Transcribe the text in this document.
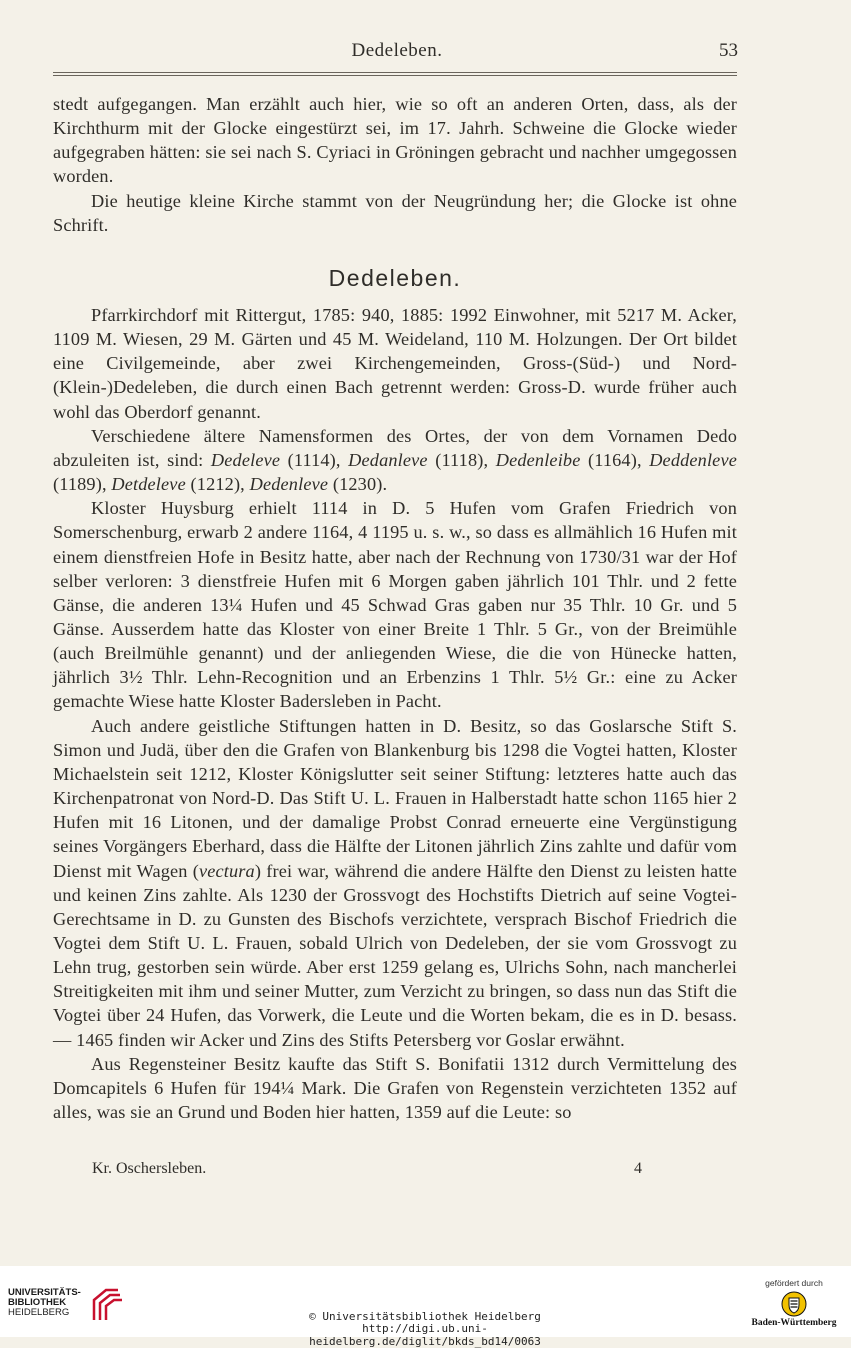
Dedeleben.	53

stedt aufgegangen. Man erzählt auch hier, wie so oft an anderen Orten, dass, als der Kirchthurm mit der Glocke eingestürzt sei, im 17. Jahrh. Schweine die Glocke wieder aufgegraben hätten: sie sei nach S. Cyriaci in Gröningen gebracht und nachher umgegossen worden.

Die heutige kleine Kirche stammt von der Neugründung her; die Glocke ist ohne Schrift.

Dedeleben.

Pfarrkirchdorf mit Rittergut, 1785: 940, 1885: 1992 Einwohner, mit 5217 M. Acker, 1109 M. Wiesen, 29 M. Gärten und 45 M. Weideland, 110 M. Holzungen. Der Ort bildet eine Civilgemeinde, aber zwei Kirchengemeinden, Gross-(Süd-) und Nord-(Klein-)Dedeleben, die durch einen Bach getrennt werden: Gross-D. wurde früher auch wohl das Oberdorf genannt.

Verschiedene ältere Namensformen des Ortes, der von dem Vornamen Dedo abzuleiten ist, sind: Dedeleve (1114), Dedanleve (1118), Dedenleibe (1164), Deddenleve (1189), Detdeleve (1212), Dedenleve (1230).

Kloster Huysburg erhielt 1114 in D. 5 Hufen vom Grafen Friedrich von Somerschenburg, erwarb 2 andere 1164, 4 1195 u. s. w., so dass es allmählich 16 Hufen mit einem dienstfreien Hofe in Besitz hatte, aber nach der Rechnung von 1730/31 war der Hof selber verloren: 3 dienstfreie Hufen mit 6 Morgen gaben jährlich 101 Thlr. und 2 fette Gänse, die anderen 13¼ Hufen und 45 Schwad Gras gaben nur 35 Thlr. 10 Gr. und 5 Gänse. Ausserdem hatte das Kloster von einer Breite 1 Thlr. 5 Gr., von der Breimühle (auch Breilmühle genannt) und der anliegenden Wiese, die die von Hünecke hatten, jährlich 3½ Thlr. Lehn-Recognition und an Erbenzins 1 Thlr. 5½ Gr.: eine zu Acker gemachte Wiese hatte Kloster Badersleben in Pacht.

Auch andere geistliche Stiftungen hatten in D. Besitz, so das Goslarsche Stift S. Simon und Judä, über den die Grafen von Blankenburg bis 1298 die Vogtei hatten, Kloster Michaelstein seit 1212, Kloster Königslutter seit seiner Stiftung: letzteres hatte auch das Kirchenpatronat von Nord-D. Das Stift U. L. Frauen in Halberstadt hatte schon 1165 hier 2 Hufen mit 16 Litonen, und der damalige Probst Conrad erneuerte eine Vergünstigung seines Vorgängers Eberhard, dass die Hälfte der Litonen jährlich Zins zahlte und dafür vom Dienst mit Wagen (vectura) frei war, während die andere Hälfte den Dienst zu leisten hatte und keinen Zins zahlte. Als 1230 der Grossvogt des Hochstifts Dietrich auf seine Vogtei-Gerechtsame in D. zu Gunsten des Bischofs verzichtete, versprach Bischof Friedrich die Vogtei dem Stift U. L. Frauen, sobald Ulrich von Dedeleben, der sie vom Grossvogt zu Lehn trug, gestorben sein würde. Aber erst 1259 gelang es, Ulrichs Sohn, nach mancherlei Streitigkeiten mit ihm und seiner Mutter, zum Verzicht zu bringen, so dass nun das Stift die Vogtei über 24 Hufen, das Vorwerk, die Leute und die Worten bekam, die es in D. besass. — 1465 finden wir Acker und Zins des Stifts Petersberg vor Goslar erwähnt.

Aus Regensteiner Besitz kaufte das Stift S. Bonifatii 1312 durch Vermittelung des Domcapitels 6 Hufen für 194¼ Mark. Die Grafen von Regenstein verzichteten 1352 auf alles, was sie an Grund und Boden hier hatten, 1359 auf die Leute: so

Kr. Oschersleben.	4
UNIVERSITÄTS-
BIBLIOTHEK
HEIDELBERG	© Universitätsbibliothek Heidelberg
http://digi.ub.uni-heidelberg.de/diglit/bkds_bd14/0063
gefördert durch
Baden-Württemberg
